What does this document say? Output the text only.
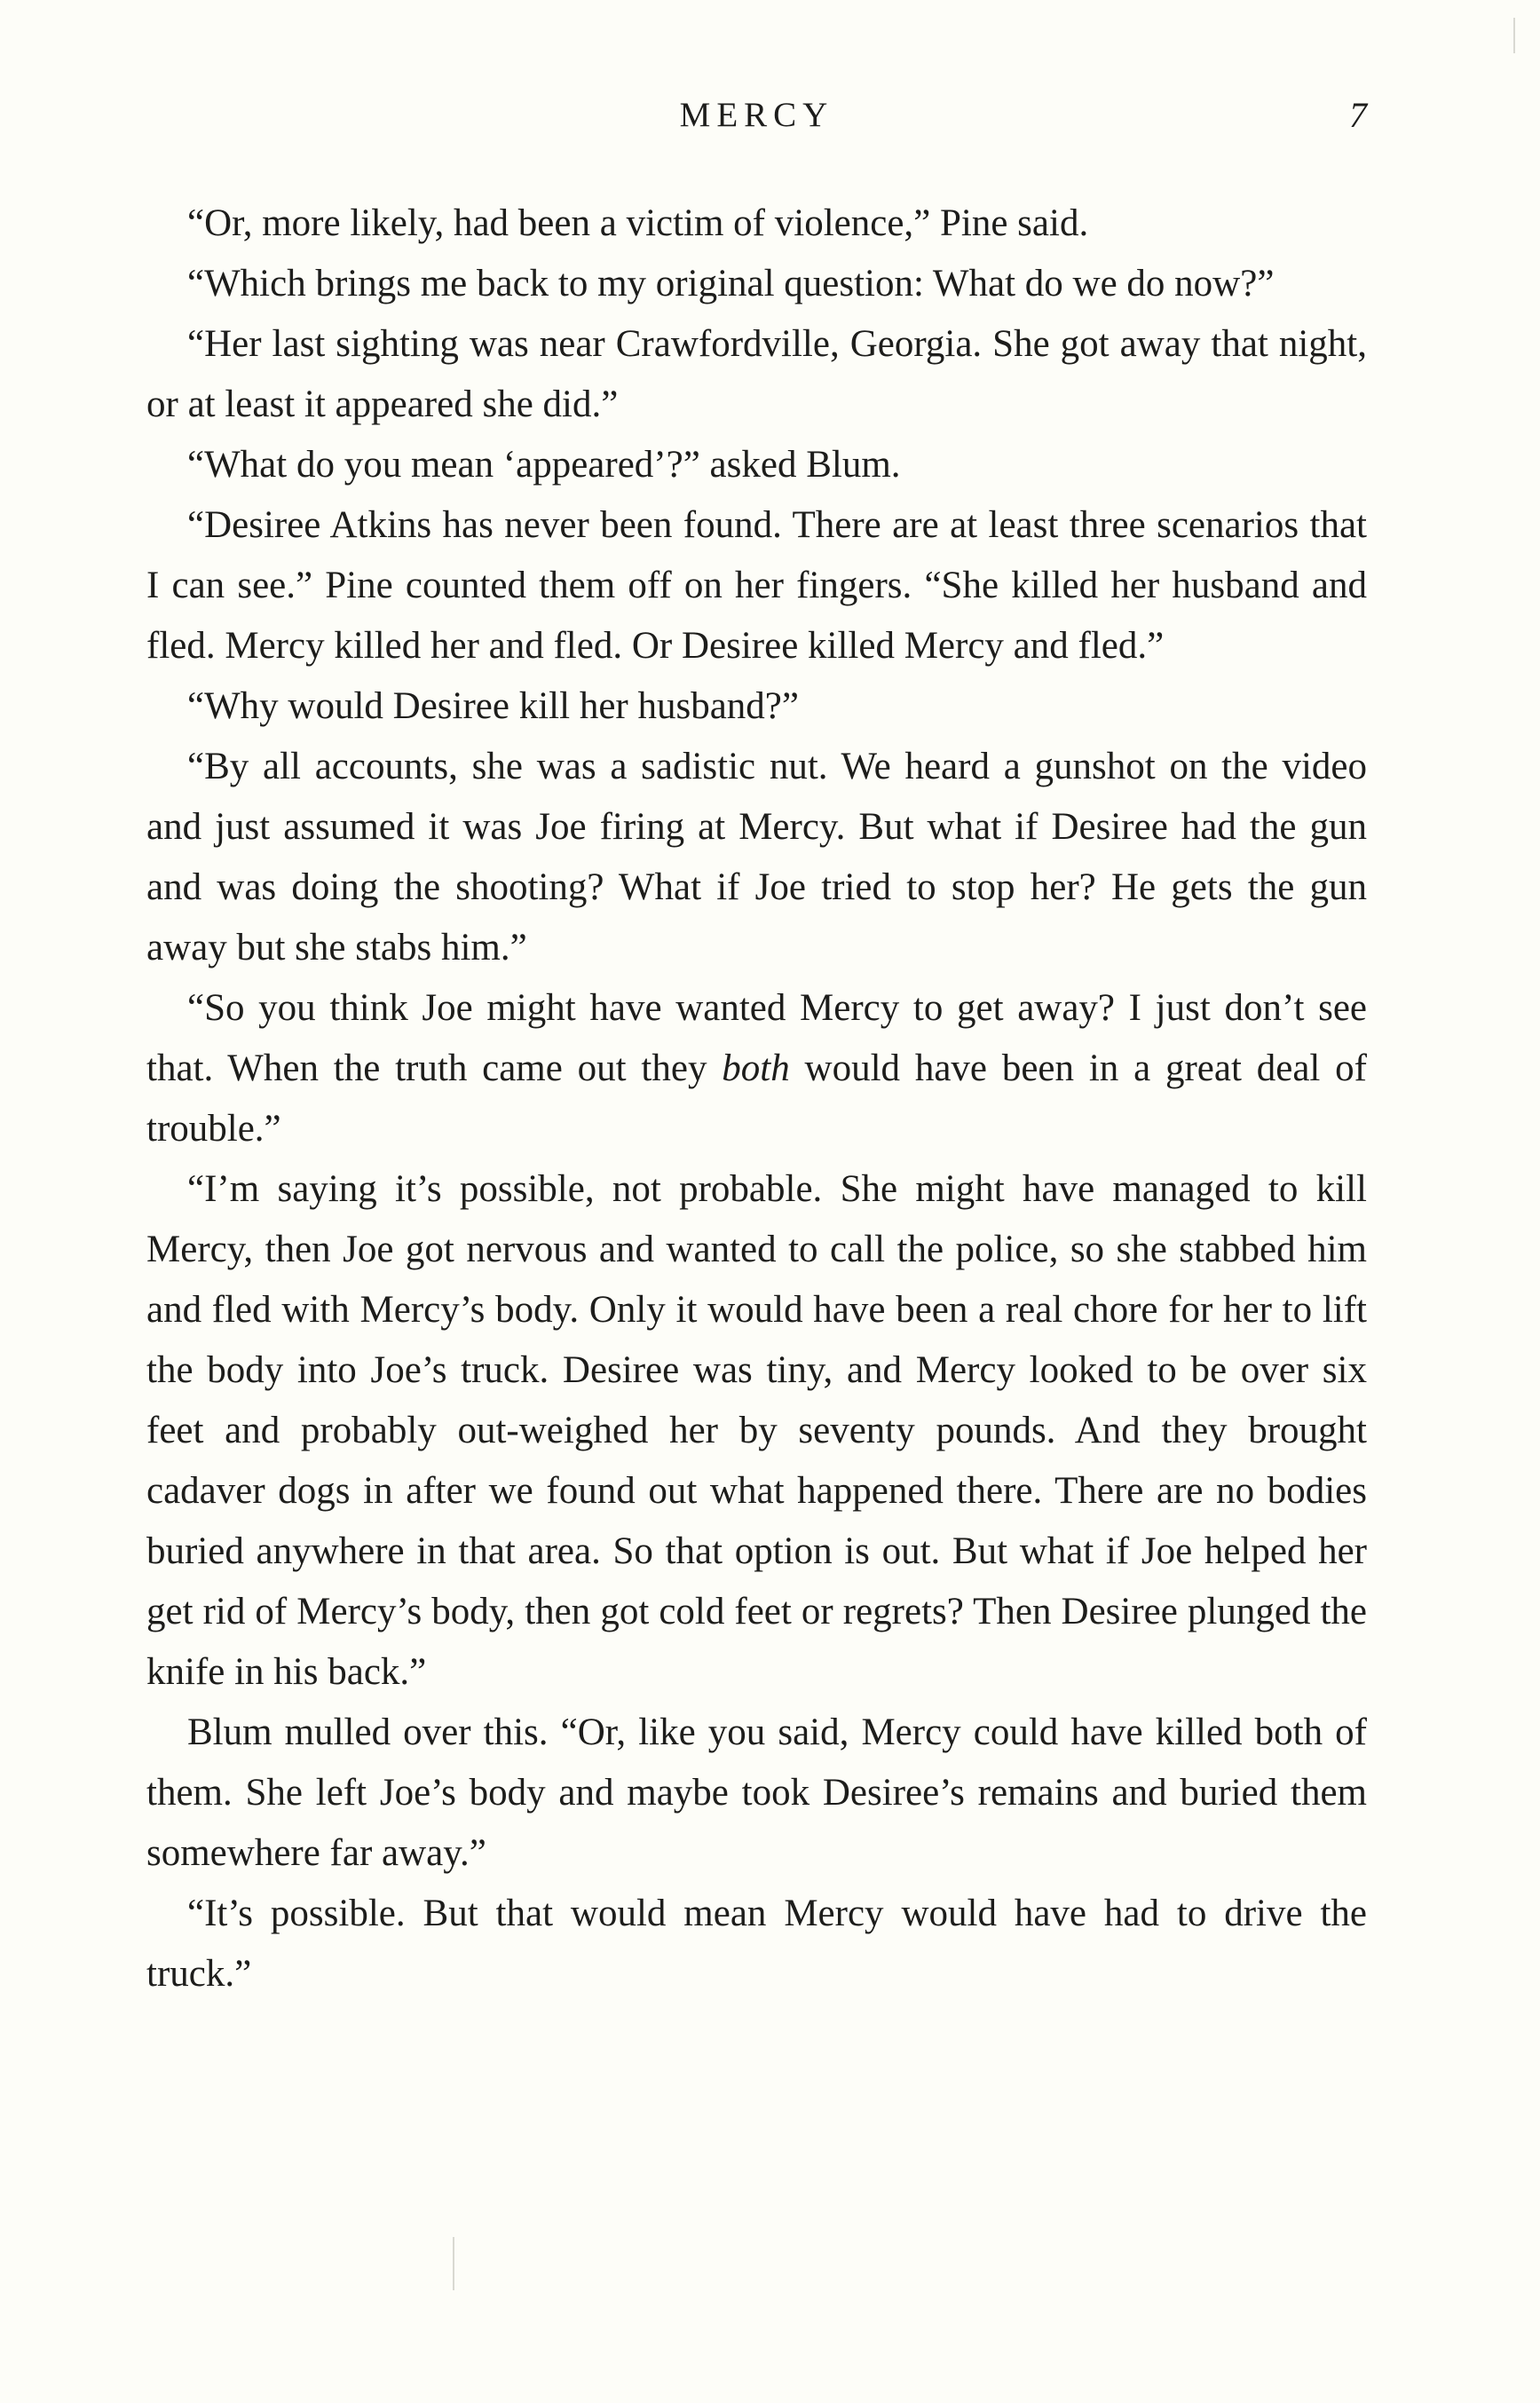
MERCY	7

“Or, more likely, had been a victim of violence,” Pine said.

“Which brings me back to my original question: What do we do now?”

“Her last sighting was near Crawfordville, Georgia. She got away that night, or at least it appeared she did.”

“What do you mean ‘appeared’?” asked Blum.

“Desiree Atkins has never been found. There are at least three scenarios that I can see.” Pine counted them off on her fingers. “She killed her husband and fled. Mercy killed her and fled. Or Desiree killed Mercy and fled.”

“Why would Desiree kill her husband?”

“By all accounts, she was a sadistic nut. We heard a gunshot on the video and just assumed it was Joe firing at Mercy. But what if Desiree had the gun and was doing the shooting? What if Joe tried to stop her? He gets the gun away but she stabs him.”

“So you think Joe might have wanted Mercy to get away? I just don’t see that. When the truth came out they both would have been in a great deal of trouble.”

“I’m saying it’s possible, not probable. She might have managed to kill Mercy, then Joe got nervous and wanted to call the police, so she stabbed him and fled with Mercy’s body. Only it would have been a real chore for her to lift the body into Joe’s truck. Desiree was tiny, and Mercy looked to be over six feet and probably out‑weighed her by seventy pounds. And they brought cadaver dogs in after we found out what happened there. There are no bodies buried anywhere in that area. So that option is out. But what if Joe helped her get rid of Mercy’s body, then got cold feet or regrets? Then Desiree plunged the knife in his back.”

Blum mulled over this. “Or, like you said, Mercy could have killed both of them. She left Joe’s body and maybe took Desiree’s remains and buried them somewhere far away.”

“It’s possible. But that would mean Mercy would have had to drive the truck.”
